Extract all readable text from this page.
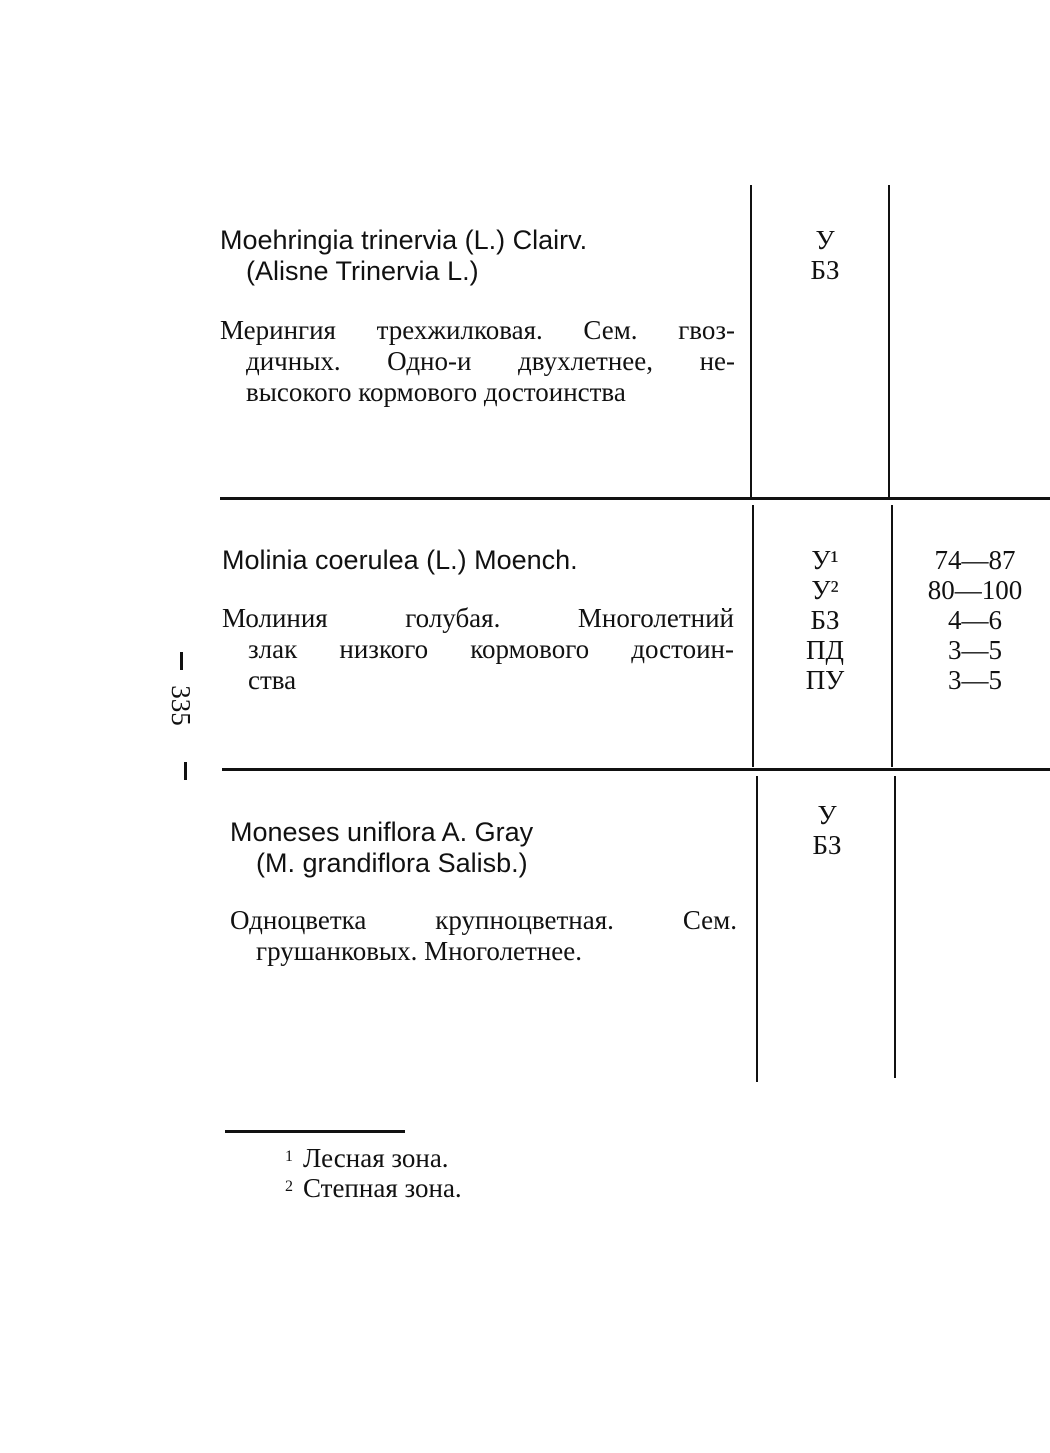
Moehringia trinervia (L.) Clairv.
(Alisne Trinervia L.)
Мерингия трехжилковая. Сем. гвоз-
дичных. Одно-и двухлетнее, не-
высокого кормового достоинства
У
БЗ
Molinia coerulea (L.) Moench.
Молиния голубая. Многолетний
злак низкого кормового достоин-
ства
У¹
У²
БЗ
ПД
ПУ
74—87
80—100
4—6
3—5
3—5
Moneses uniflora A. Gray
(M. grandiflora Salisb.)
Одноцветка крупноцветная. Сем.
грушанковых. Многолетнее.
У
БЗ
335
$^1$ Лесная зона.
$^2$ Степная зона.
